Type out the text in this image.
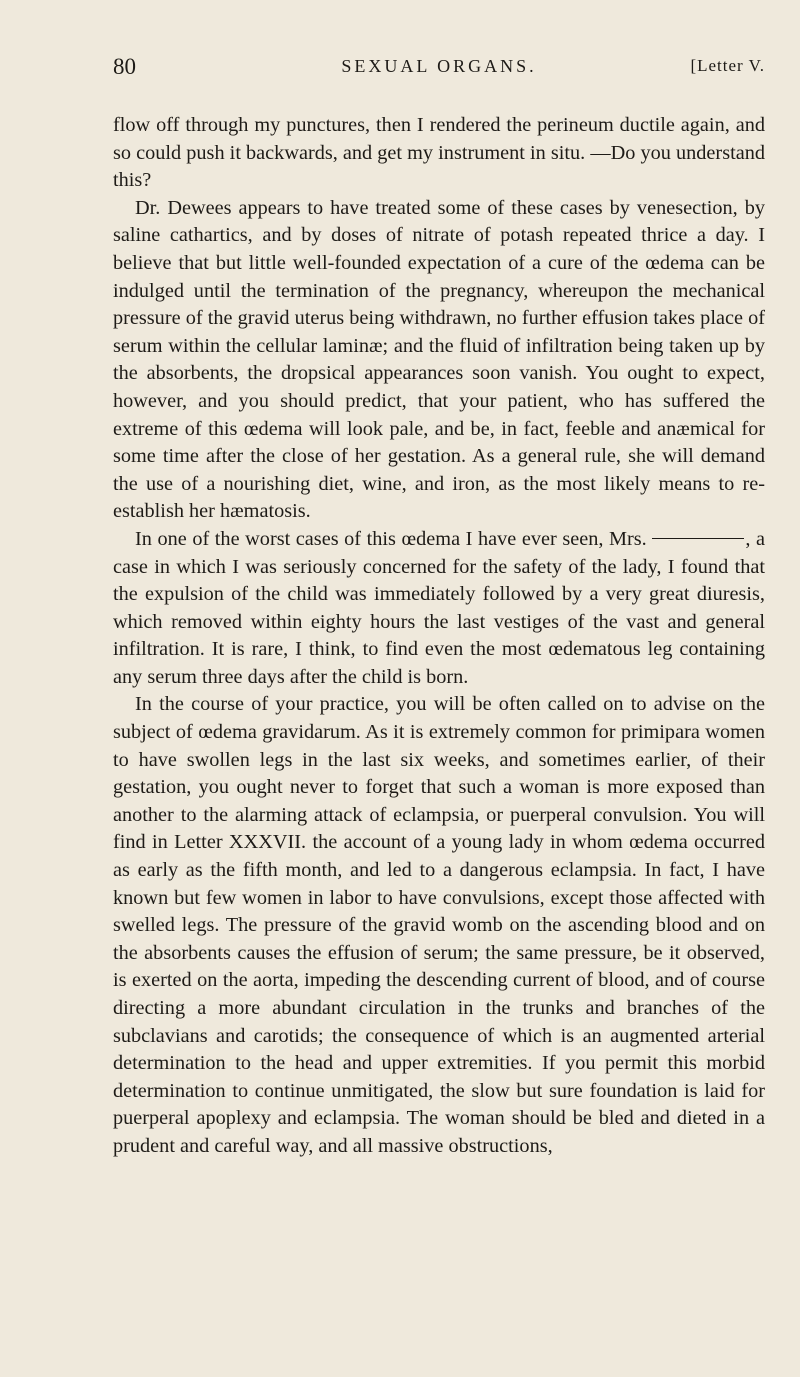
80	SEXUAL ORGANS.	[Letter V.

flow off through my punctures, then I rendered the perineum ductile again, and so could push it backwards, and get my instrument in situ. —Do you understand this?

Dr. Dewees appears to have treated some of these cases by venesection, by saline cathartics, and by doses of nitrate of potash repeated thrice a day. I believe that but little well-founded expectation of a cure of the œdema can be indulged until the termination of the pregnancy, whereupon the mechanical pressure of the gravid uterus being withdrawn, no further effusion takes place of serum within the cellular laminæ; and the fluid of infiltration being taken up by the absorbents, the dropsical appearances soon vanish. You ought to expect, however, and you should predict, that your patient, who has suffered the extreme of this œdema will look pale, and be, in fact, feeble and anæmical for some time after the close of her gestation. As a general rule, she will demand the use of a nourishing diet, wine, and iron, as the most likely means to re-establish her hæmatosis.

In one of the worst cases of this œdema I have ever seen, Mrs.	, a case in which I was seriously concerned for the safety of the lady, I found that the expulsion of the child was immediately followed by a very great diuresis, which removed within eighty hours the last vestiges of the vast and general infiltration. It is rare, I think, to find even the most œdematous leg containing any serum three days after the child is born.

In the course of your practice, you will be often called on to advise on the subject of œdema gravidarum. As it is extremely common for primipara women to have swollen legs in the last six weeks, and sometimes earlier, of their gestation, you ought never to forget that such a woman is more exposed than another to the alarming attack of eclampsia, or puerperal convulsion. You will find in Letter XXXVII. the account of a young lady in whom œdema occurred as early as the fifth month, and led to a dangerous eclampsia. In fact, I have known but few women in labor to have convulsions, except those affected with swelled legs. The pressure of the gravid womb on the ascending blood and on the absorbents causes the effusion of serum; the same pressure, be it observed, is exerted on the aorta, impeding the descending current of blood, and of course directing a more abundant circulation in the trunks and branches of the subclavians and carotids; the consequence of which is an augmented arterial determination to the head and upper extremities. If you permit this morbid determination to continue unmitigated, the slow but sure foundation is laid for puerperal apoplexy and eclampsia. The woman should be bled and dieted in a prudent and careful way, and all massive obstructions,
